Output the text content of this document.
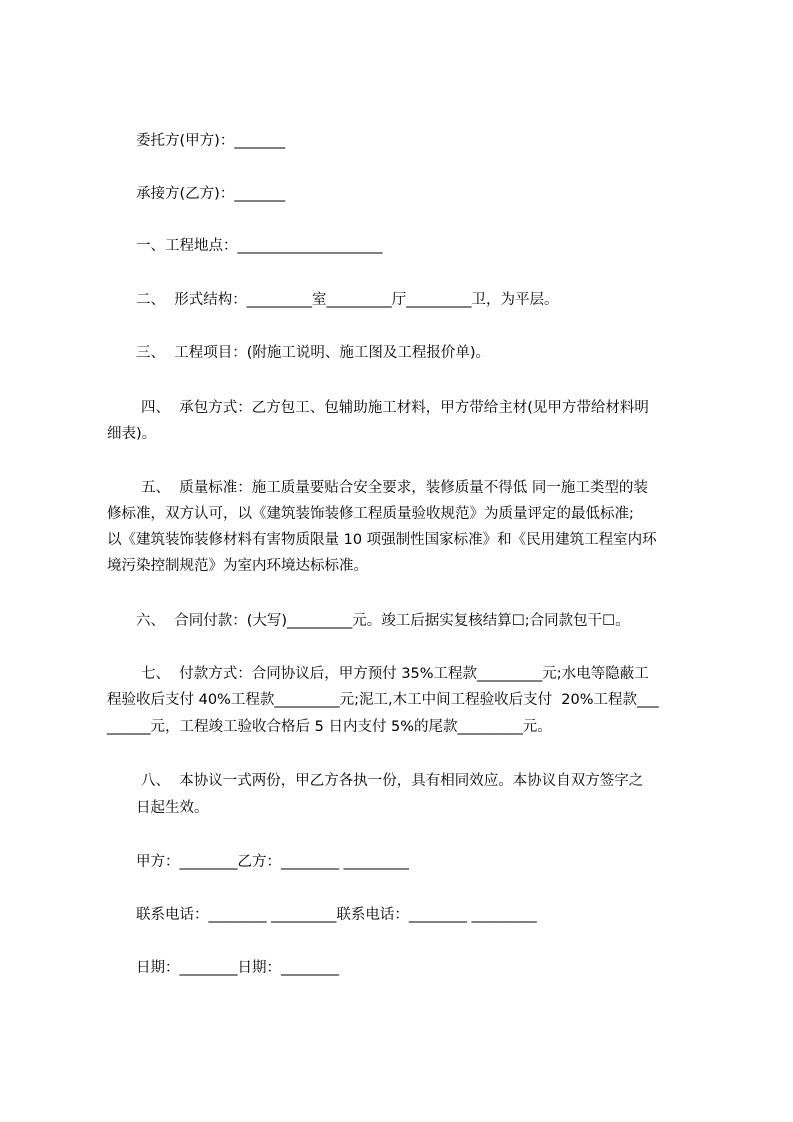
委托方(甲方)：_______
承接方(乙方)：_______
一、工程地点：____________________
二、  形式结构：_________室_________厅_________卫，为平层。
三、  工程项目：(附施工说明、施工图及工程报价单)。
四、  承包方式：乙方包工、包辅助施工材料，甲方带给主材(见甲方带给材料明
细表)。
五、  质量标准：施工质量要贴合安全要求，装修质量不得低 同一施工类型的装
修标准，双方认可，以《建筑装饰装修工程质量验收规范》为质量评定的最低标准;
以《建筑装饰装修材料有害物质限量 10 项强制性国家标准》和《民用建筑工程室内环
境污染控制规范》为室内环境达标标准。
六、  合同付款：(大写)_________元。竣工后据实复核结算☐;合同款包干☐。
七、  付款方式：合同协议后，甲方预付 35%工程款_________元;水电等隐蔽工
程验收后支付 40%工程款_________元;泥工,木工中间工程验收后支付  20%工程款___
______元，工程竣工验收合格后 5 日内支付 5%的尾款_________元。
八、  本协议一式两份，甲乙方各执一份，具有相同效应。本协议自双方签字之
日起生效。
甲方：________乙方：________ _________
联系电话：________ _________联系电话：________ _________
日期：________日期：________
